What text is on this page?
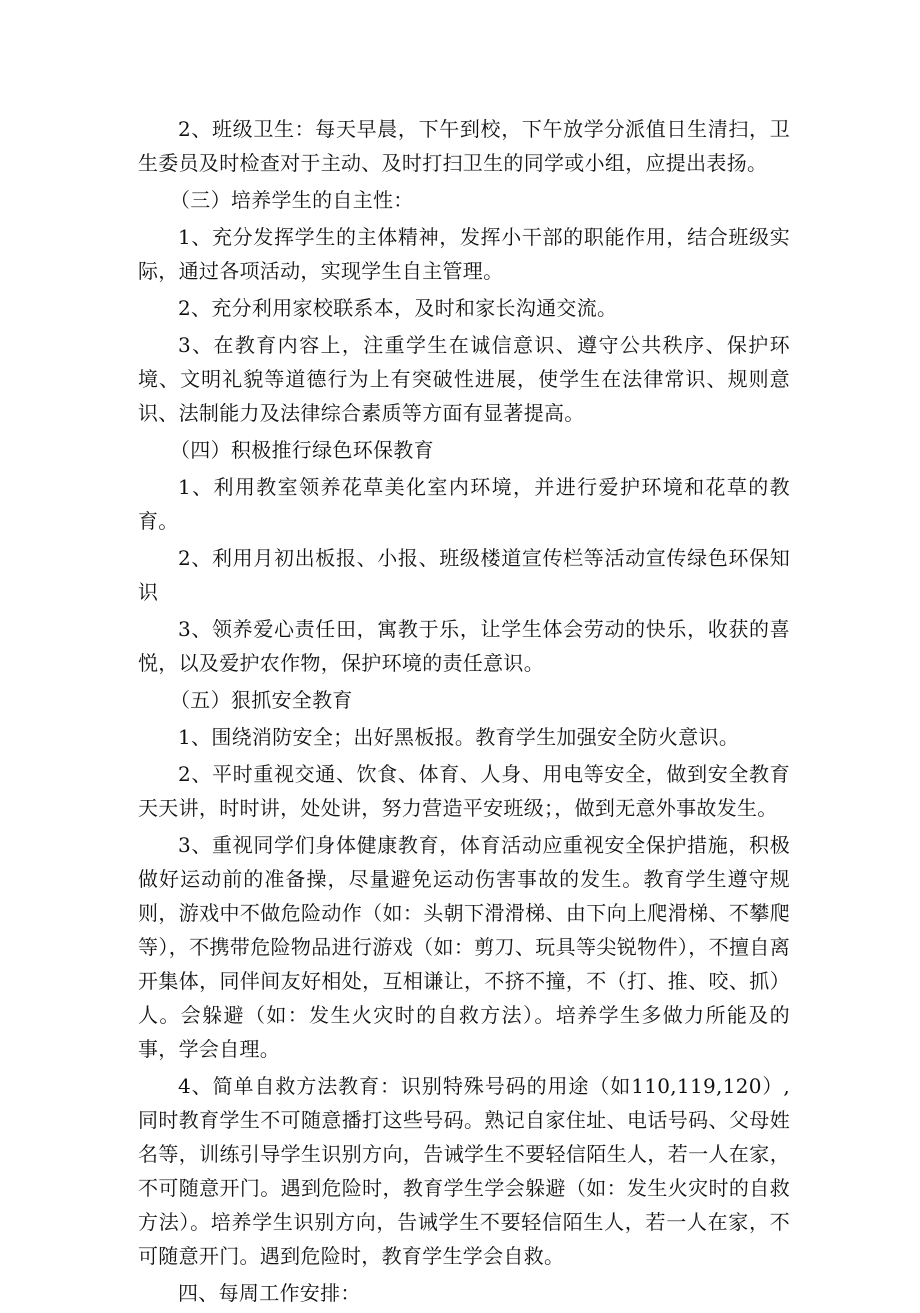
2、班级卫生：每天早晨，下午到校，下午放学分派值日生清扫，卫生委员及时检查对于主动、及时打扫卫生的同学或小组，应提出表扬。

（三）培养学生的自主性：

1、充分发挥学生的主体精神，发挥小干部的职能作用，结合班级实际，通过各项活动，实现学生自主管理。

2、充分利用家校联系本，及时和家长沟通交流。

3、在教育内容上，注重学生在诚信意识、遵守公共秩序、保护环境、文明礼貌等道德行为上有突破性进展，使学生在法律常识、规则意识、法制能力及法律综合素质等方面有显著提高。

（四）积极推行绿色环保教育

1、利用教室领养花草美化室内环境，并进行爱护环境和花草的教育。

2、利用月初出板报、小报、班级楼道宣传栏等活动宣传绿色环保知识

3、领养爱心责任田，寓教于乐，让学生体会劳动的快乐，收获的喜悦，以及爱护农作物，保护环境的责任意识。

（五）狠抓安全教育

1、围绕消防安全；出好黑板报。教育学生加强安全防火意识。

2、平时重视交通、饮食、体育、人身、用电等安全，做到安全教育天天讲，时时讲，处处讲，努力营造平安班级；，做到无意外事故发生。

3、重视同学们身体健康教育，体育活动应重视安全保护措施，积极做好运动前的准备操，尽量避免运动伤害事故的发生。教育学生遵守规则，游戏中不做危险动作（如：头朝下滑滑梯、由下向上爬滑梯、不攀爬等），不携带危险物品进行游戏（如：剪刀、玩具等尖锐物件），不擅自离开集体，同伴间友好相处，互相谦让，不挤不撞，不（打、推、咬、抓）人。会躲避（如：发生火灾时的自救方法）。培养学生多做力所能及的事，学会自理。

4、简单自救方法教育：识别特殊号码的用途（如110,119,120）,同时教育学生不可随意播打这些号码。熟记自家住址、电话号码、父母姓名等，训练引导学生识别方向，告诫学生不要轻信陌生人，若一人在家，不可随意开门。遇到危险时，教育学生学会躲避（如：发生火灾时的自救方法）。培养学生识别方向，告诫学生不要轻信陌生人，若一人在家，不可随意开门。遇到危险时，教育学生学会自救。

四、每周工作安排：
